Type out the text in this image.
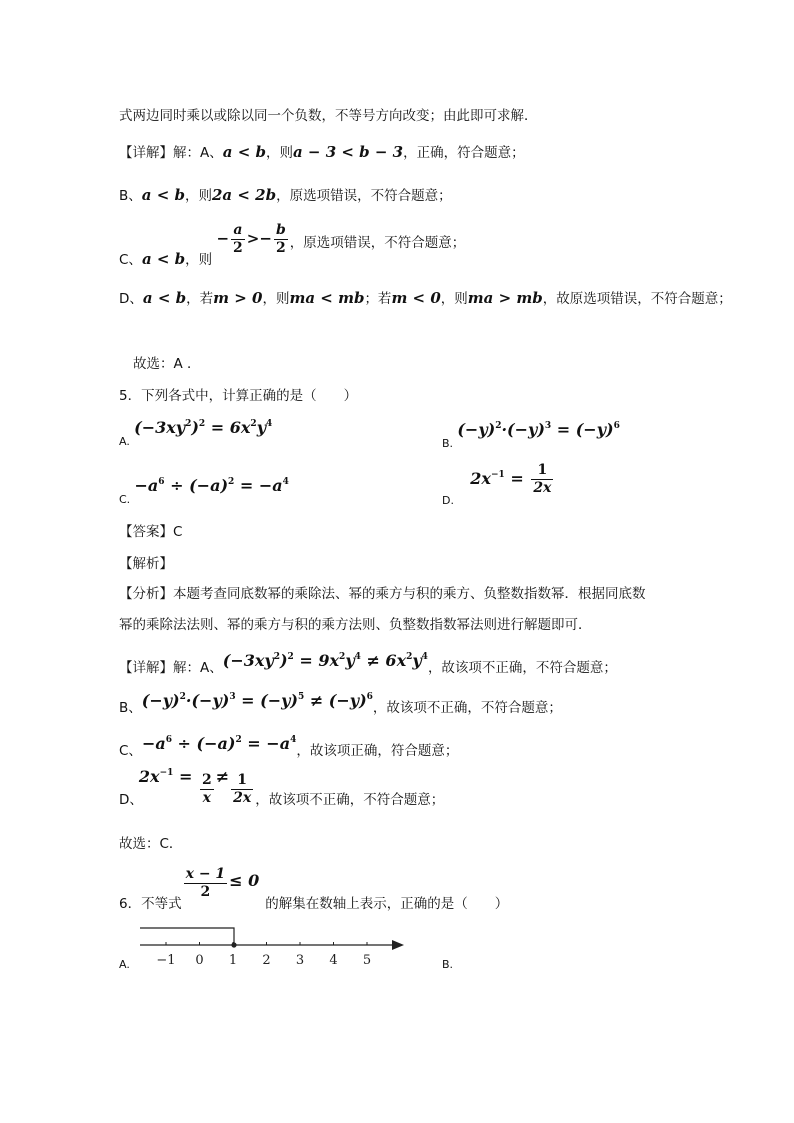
式两边同时乘以或除以同一个负数，不等号方向改变；由此即可求解．
【详解】解：A、a < b，则a − 3 < b − 3，正确，符合题意；
B、a < b，则2a < 2b，原选项错误，不符合题意；
C、a < b，则 − $\frac{a}{2} >- \frac{b}{2}$ ，原选项错误，不符合题意；
D、a < b，若m > 0，则ma < mb；若m < 0，则ma > mb，故原选项错误，不符合题意；
故选：A ．
5．下列各式中，计算正确的是（　　）
$_{A.}$ $(-3xy^2)^2 = 6x^2y^4$
$_{B.}$ $(-y)^2\cdot(-y)^3 = (-y)^6$
$_{C.} -a^6 \div (-a)^2 = -a^4$
$_{D.}$ $2x^{-1} = \frac{1}{2x}$
【答案】C
【解析】
【分析】本题考查同底数幂的乘除法、幂的乘方与积的乘方、负整数指数幂．根据同底数
幂的乘除法法则、幂的乘方与积的乘方法则、负整数指数幂法则进行解题即可．
【详解】解：A、$(-3xy^2)^2 = 9x^2y^4 \ne 6x^2y^4$，故该项不正确，不符合题意；
B、$(-y)^2\cdot(-y)^3 = (-y)^5 \ne (-y)^6$，故该项不正确，不符合题意；
C、$-a^6 \div (-a)^2 = -a^4$，故该项正确，符合题意；
D、$2x^{-1} = \frac{2}{x} \ne \frac{1}{2x}$ ，故该项不正确，不符合题意；
故选：C．
6．不等式
$\frac{x - 1}{2} \le 0$的解集在数轴上表示，正确的是（　　）
A. −1 0 1 2 3 4 5	B.
